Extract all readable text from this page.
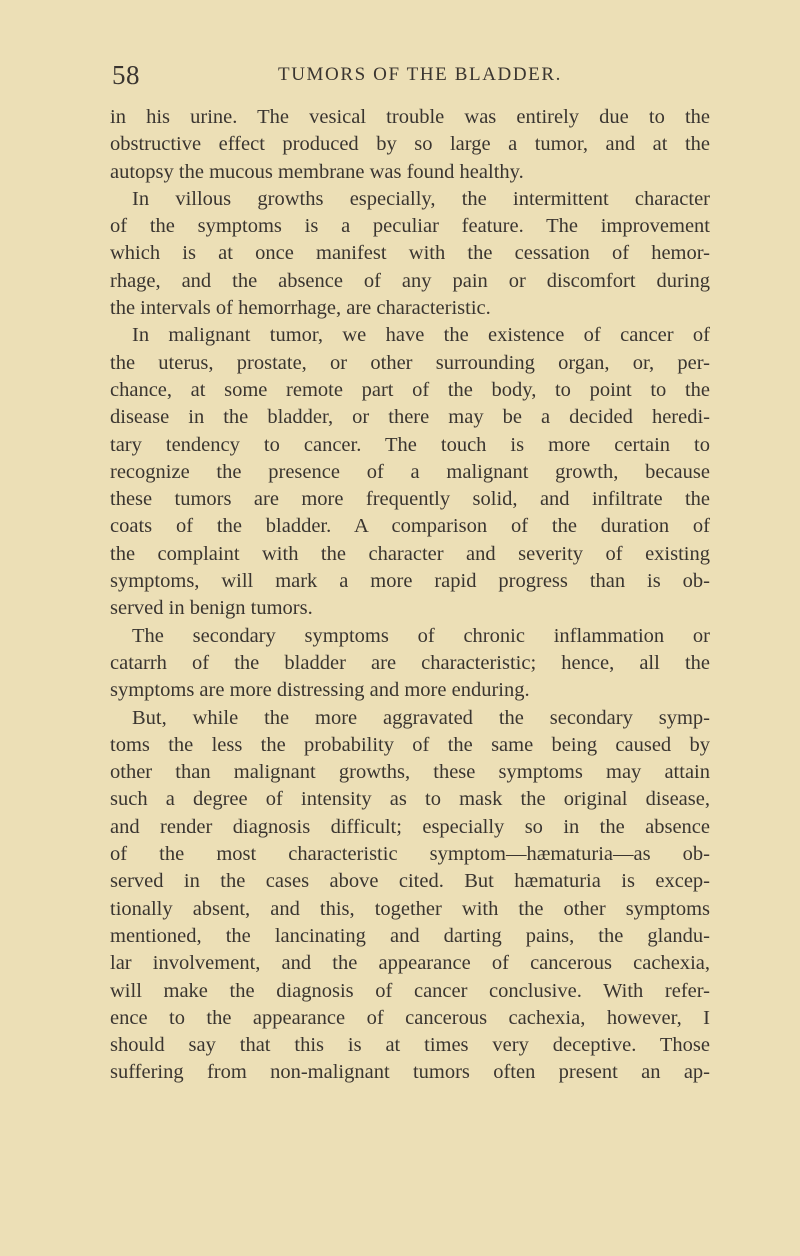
58	TUMORS OF THE BLADDER.
in his urine. The vesical trouble was entirely due to the
obstructive effect produced by so large a tumor, and at the
autopsy the mucous membrane was found healthy.
In villous growths especially, the intermittent character
of the symptoms is a peculiar feature. The improvement
which is at once manifest with the cessation of hemor-
rhage, and the absence of any pain or discomfort during
the intervals of hemorrhage, are characteristic.
In malignant tumor, we have the existence of cancer of
the uterus, prostate, or other surrounding organ, or, per-
chance, at some remote part of the body, to point to the
disease in the bladder, or there may be a decided heredi-
tary tendency to cancer. The touch is more certain to
recognize the presence of a malignant growth, because
these tumors are more frequently solid, and infiltrate the
coats of the bladder. A comparison of the duration of
the complaint with the character and severity of existing
symptoms, will mark a more rapid progress than is ob-
served in benign tumors.
The secondary symptoms of chronic inflammation or
catarrh of the bladder are characteristic; hence, all the
symptoms are more distressing and more enduring.
But, while the more aggravated the secondary symp-
toms the less the probability of the same being caused by
other than malignant growths, these symptoms may attain
such a degree of intensity as to mask the original disease,
and render diagnosis difficult; especially so in the absence
of the most characteristic symptom—hæmaturia—as ob-
served in the cases above cited. But hæmaturia is excep-
tionally absent, and this, together with the other symptoms
mentioned, the lancinating and darting pains, the glandu-
lar involvement, and the appearance of cancerous cachexia,
will make the diagnosis of cancer conclusive. With refer-
ence to the appearance of cancerous cachexia, however, I
should say that this is at times very deceptive. Those
suffering from non-malignant tumors often present an ap-
